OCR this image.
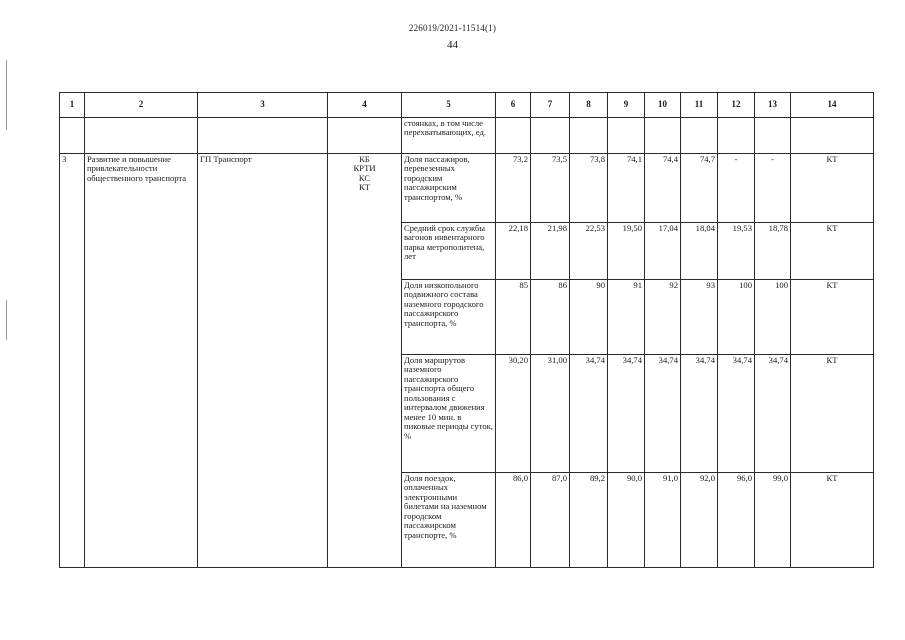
226019/2021-11514(1)
44
1	2	3	4	5	6	7	8	9	10	11	12	13	14
				стоянках, в том числе перехватывающих, ед.									
3	Развитие и повышение привлекательности общественного транспорта	ГП Транспорт	КБ
КРТИ
КС
КТ	Доля пассажиров, перевезенных городским пассажирским транспортом, %	73,2	73,5	73,8	74,1	74,4	74,7	-	-	КТ
				Средний срок службы вагонов инвентарного парка метрополитена, лет	22,18	21,98	22,53	19,50	17,04	18,04	19,53	18,78	КТ
				Доля низкопольного подвижного состава наземного городского пассажирского транспорта, %	85	86	90	91	92	93	100	100	КТ
				Доля маршрутов наземного пассажирского транспорта общего пользования с интервалом движения менее 10 мин. в пиковые периоды суток, %	30,20	31,00	34,74	34,74	34,74	34,74	34,74	34,74	КТ
				Доля поездок, оплаченных электронными билетами на наземном городском пассажирском транспорте, %	86,0	87,0	89,2	90,0	91,0	92,0	96,0	99,0	КТ
